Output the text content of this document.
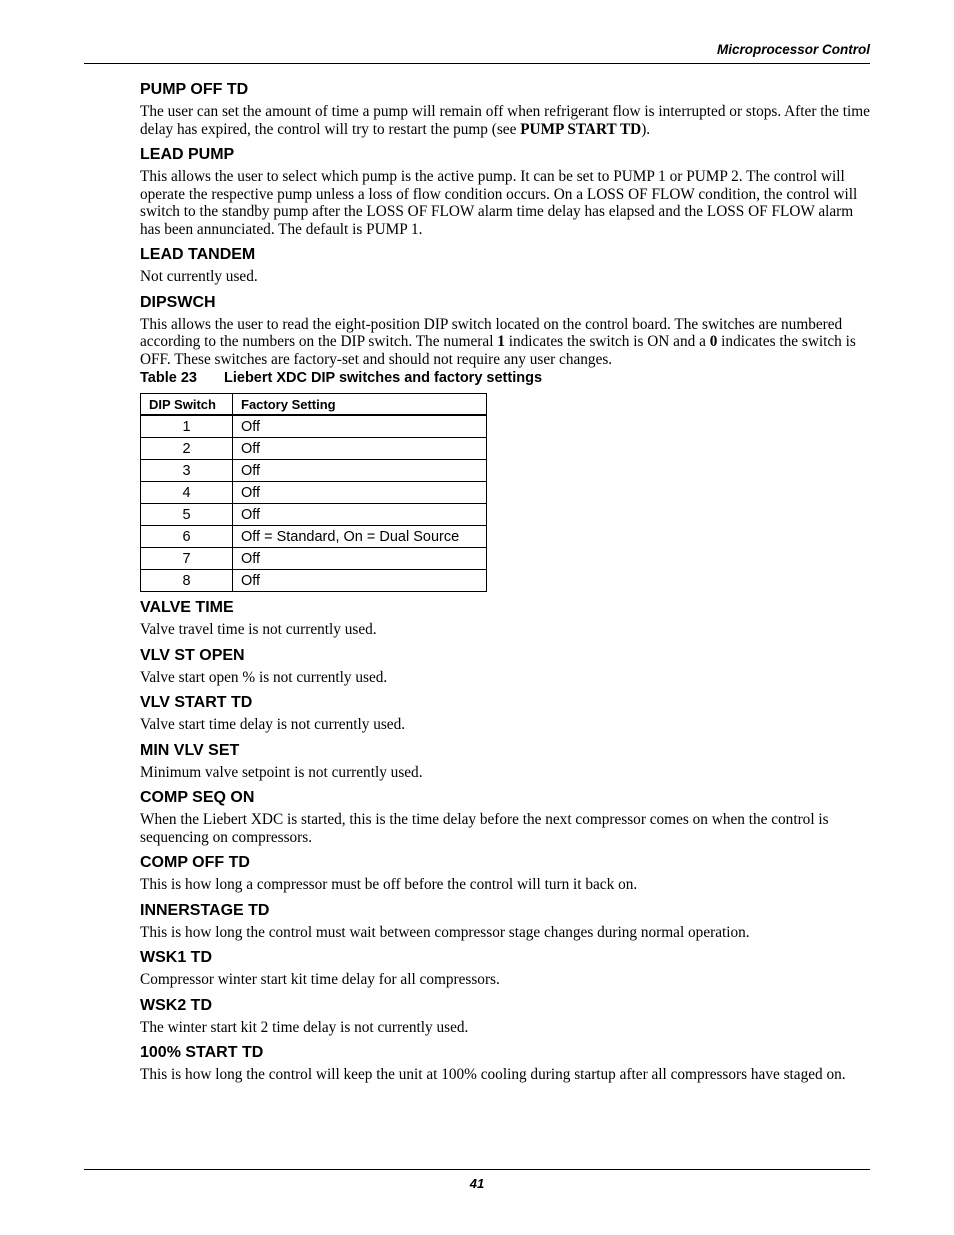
Microprocessor Control
PUMP OFF TD

The user can set the amount of time a pump will remain off when refrigerant flow is interrupted or stops. After the time delay has expired, the control will try to restart the pump (see PUMP START TD).

LEAD PUMP

This allows the user to select which pump is the active pump. It can be set to PUMP 1 or PUMP 2. The control will operate the respective pump unless a loss of flow condition occurs. On a LOSS OF FLOW condition, the control will switch to the standby pump after the LOSS OF FLOW alarm time delay has elapsed and the LOSS OF FLOW alarm has been annunciated. The default is PUMP 1.

LEAD TANDEM

Not currently used.

DIPSWCH

This allows the user to read the eight-position DIP switch located on the control board. The switches are numbered according to the numbers on the DIP switch. The numeral 1 indicates the switch is ON and a 0 indicates the switch is OFF. These switches are factory-set and should not require any user changes.

Table 23 Liebert XDC DIP switches and factory settings
DIP Switch	Factory Setting
1	Off
2	Off
3	Off
4	Off
5	Off
6	Off = Standard, On = Dual Source
7	Off
8	Off
VALVE TIME

Valve travel time is not currently used.

VLV ST OPEN

Valve start open % is not currently used.

VLV START TD

Valve start time delay is not currently used.

MIN VLV SET

Minimum valve setpoint is not currently used.

COMP SEQ ON

When the Liebert XDC is started, this is the time delay before the next compressor comes on when the control is sequencing on compressors.

COMP OFF TD

This is how long a compressor must be off before the control will turn it back on.

INNERSTAGE TD

This is how long the control must wait between compressor stage changes during normal operation.

WSK1 TD

Compressor winter start kit time delay for all compressors.

WSK2 TD

The winter start kit 2 time delay is not currently used.

100% START TD

This is how long the control will keep the unit at 100% cooling during startup after all compressors have staged on.

41
